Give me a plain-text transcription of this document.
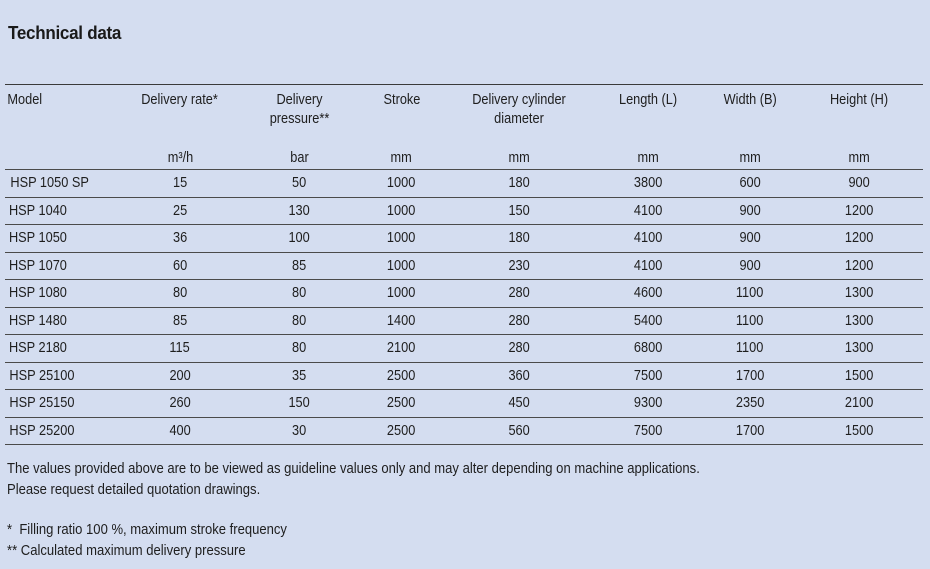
Technical data
Model	Delivery rate*	Delivery pressure**	Stroke	Delivery cylinder diameter	Length (L)	Width (B)	Height (H)
	m³/h	bar	mm	mm	mm	mm	mm
HSP 1050 SP	15	50	1000	180	3800	600	900
HSP 1040	25	130	1000	150	4100	900	1200
HSP 1050	36	100	1000	180	4100	900	1200
HSP 1070	60	85	1000	230	4100	900	1200
HSP 1080	80	80	1000	280	4600	1100	1300
HSP 1480	85	80	1400	280	5400	1100	1300
HSP 2180	115	80	2100	280	6800	1100	1300
HSP 25100	200	35	2500	360	7500	1700	1500
HSP 25150	260	150	2500	450	9300	2350	2100
HSP 25200	400	30	2500	560	7500	1700	1500
The values provided above are to be viewed as guideline values only and may alter depending on machine applications.
Please request detailed quotation drawings.
*  Filling ratio 100 %, maximum stroke frequency
** Calculated maximum delivery pressure
